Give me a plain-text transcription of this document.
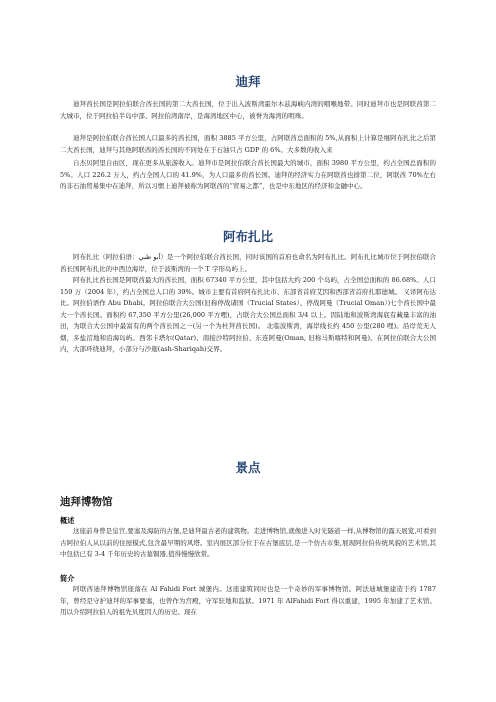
迪拜

迪拜酋长国是阿拉伯联合酋长国的第二大酋长国，位于出入波斯湾霍尔木兹海峡内湾的咽喉地带。同时迪拜市也是阿联酋第二大城市，位于阿拉伯半岛中部、阿拉伯湾南岸，是海湾地区中心，被誉为海湾的明珠。

迪拜是阿拉伯联合酋长国人口最多的酋长国，面积 3885 平方公里，占阿联酋总面积的 5%,从面积上计算是继阿布扎比之后第二大酋长国，迪拜与其他阿联酋的酋长国的不同处在于石油只占 GDP 的 6%。大多数的收入来

自杰贝阿里自由区，现在更多从旅游收入。迪拜市是阿拉伯联合酋长国最大的城市，面积 3980 平方公里，约占全国总面积的 5%。人口 226.2 万人，约占全国人口的 41.9%，为人口最多的酋长国。迪拜的经济实力在阿联酋也排第二位，阿联酋 70%左右的非石油贸易集中在迪拜，所以习惯上迪拜被称为阿联酋的“贸易之都”，也是中东地区的经济和金融中心。

阿布扎比

阿布扎比（阿拉伯语：أبو ظبي）是一个阿拉伯联合酋长国，同时该国的首府也命名为阿布扎比。阿布扎比城市位于阿拉伯联合酋长国阿布扎比的中西边海岸，位于波斯湾的一个 T 字形岛屿上。

阿布扎比酋长国是阿联酋最大的酋长国，面积 67340 平方公里，其中包括大约 200 个岛屿，占全国总面积的 86.68%。人口 159 万（2004 年），约占全国总人口的 39%。城市主要有首府阿布扎比市、东部省首府艾因和西部省首府扎耶德城。 又译阿布达比。阿拉伯语作 Abu Dhabi。阿拉伯联合大公国(旧称停战诸国（Trucial States）、停战阿曼（Trucial Oman）)七个酋长国中最大一个酋长国。面积约 67,350 平方公里(26,000 平方哩)，占联合大公国总面积 3/4 以上。因陆地和波斯湾海底有藏量丰富的油田，为联合大公国中最富有的两个酋长国之一(另一个为杜拜酋长国)。 北临波斯湾，海岸线长约 450 公里(280 哩)。沿岸荒无人烟，多盐沼地和沿海岛屿。西邻卡塔尔(Qatar)、南接沙特阿拉伯、东连阿曼(Oman, 旧称马斯喀特和阿曼)。在阿拉伯联合大公国内，大部环绕迪拜，小部分与沙迦(ash-Shariqah)交界。

景点
迪拜博物馆
概述

这座前身曾是皇宫,要塞及海防的古堡,是迪拜最古老的建筑物。走进博物馆,就像进入时光隧道一样,从博物馆的露天展览,可看到古阿拉伯人从以前的住屋模式,包含最早期的风塔。室内展区部分位于在古堡底层,是一个仿古市集,展现阿拉伯传统风貌的艺术馆,其中包括已有 3-4 千年历史的古墓铜器,值得慢慢欣赏。

简介

阿联酋迪拜博物馆座落在 Al Fahidi Fort 城堡内。这座建筑同时也是一个奇妙的军事博物馆。阿法迪城堡建造于约 1787 年，曾经是守护迪拜的军事要塞，也曾作为宫殿，守军驻地和监狱。1971 年 AlFahidi Fort 得以重建，1995 年加建了艺术馆。用以介绍阿拉伯人的祖先贝度因人的历史。现在
